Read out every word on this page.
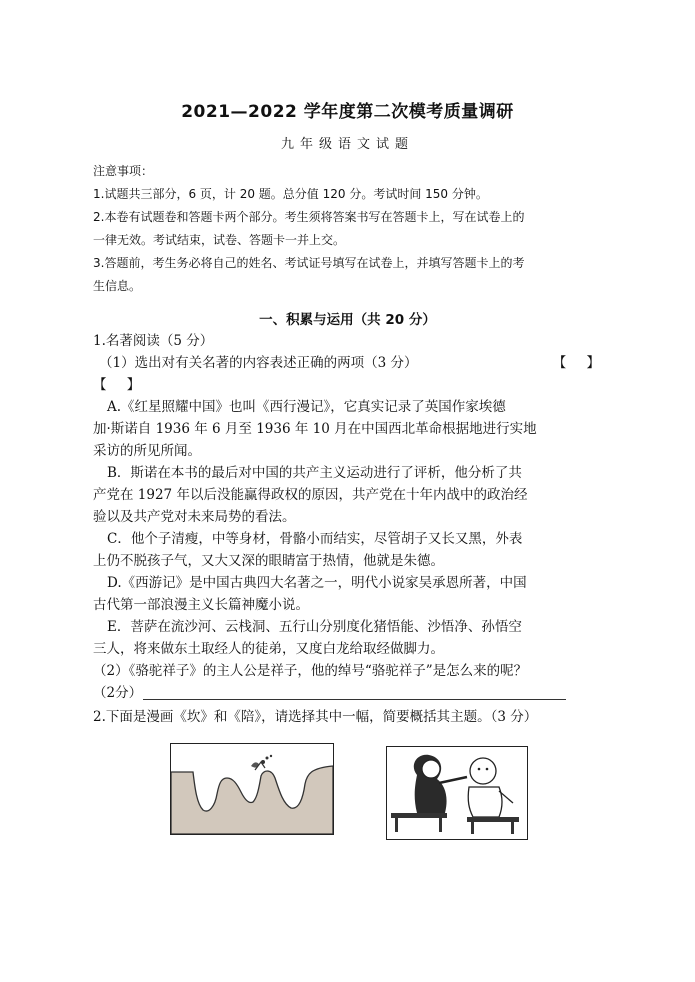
2021—2022 学年度第二次模考质量调研
九年级语文试题
注意事项：
1.试题共三部分，6 页，计 20 题。总分值 120 分。考试时间 150 分钟。
2.本卷有试题卷和答题卡两个部分。考生须将答案书写在答题卡上，写在试卷上的
一律无效。考试结束，试卷、答题卡一并上交。
3.答题前，考生务必将自己的姓名、考试证号填写在试卷上，并填写答题卡上的考
生信息。
一、积累与运用（共 20 分）
1.名著阅读（5 分）
（1）选出对有关名著的内容表述正确的两项（3 分）	【 】
【 】
A.《红星照耀中国》也叫《西行漫记》，它真实记录了英国作家埃德
加·斯诺自 1936 年 6 月至 1936 年 10 月在中国西北革命根据地进行实地
采访的所见所闻。
B．斯诺在本书的最后对中国的共产主义运动进行了评析，他分析了共
产党在 1927 年以后没能赢得政权的原因，共产党在十年内战中的政治经
验以及共产党对未来局势的看法。
C．他个子清瘦，中等身材，骨骼小而结实，尽管胡子又长又黑，外表
上仍不脱孩子气，又大又深的眼睛富于热情，他就是朱德。
D.《西游记》是中国古典四大名著之一，明代小说家吴承恩所著，中国
古代第一部浪漫主义长篇神魔小说。
E．菩萨在流沙河、云栈洞、五行山分别度化猪悟能、沙悟净、孙悟空
三人，将来做东土取经人的徒弟，又度白龙给取经做脚力。
（2）《骆驼祥子》的主人公是祥子，他的绰号“骆驼祥子”是怎么来的呢？
（2分）
2.下面是漫画《坎》和《陪》，请选择其中一幅，简要概括其主题。（3 分）
